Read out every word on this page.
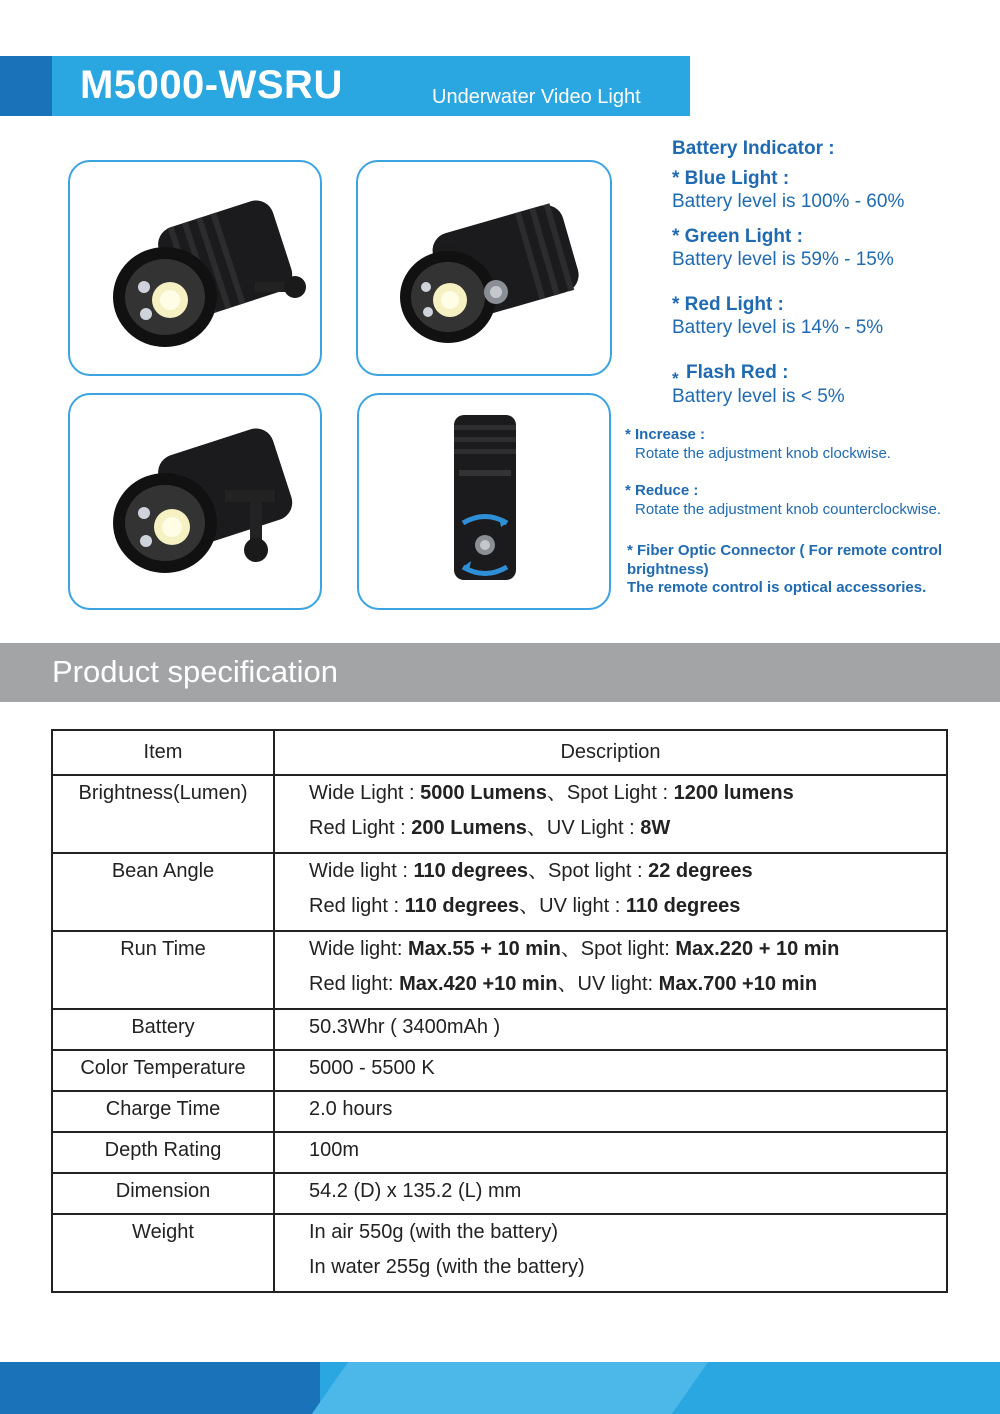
M5000-WSRU	Underwater Video Light
Battery Indicator :
* Blue Light :
Battery level is 100% - 60%
* Green Light :
Battery level is 59% - 15%
* Red Light :
Battery level is 14% - 5%
* Flash Red :
Battery level is < 5%
* Increase :
Rotate the adjustment knob clockwise.
* Reduce :
Rotate the adjustment knob counterclockwise.
* Fiber Optic Connector ( For remote control
brightness)
The remote control is optical accessories.
Product specification
Item	Description
Brightness(Lumen)	Wide Light : 5000 Lumens、Spot Light : 1200 lumens
Red Light : 200 Lumens、UV Light : 8W

Bean Angle	Wide light : 110 degrees、Spot light : 22 degrees
Red light : 110 degrees、UV light : 110 degrees

Run Time	Wide light: Max.55 + 10 min、Spot light: Max.220 + 10 min
Red light: Max.420 +10 min、UV light: Max.700 +10 min

Battery	50.3Whr ( 3400mAh )

Color Temperature	5000 - 5500 K

Charge Time	2.0 hours

Depth Rating	100m

Dimension	54.2 (D) x 135.2 (L) mm

Weight	In air 550g (with the battery)
In water 255g (with the battery)
